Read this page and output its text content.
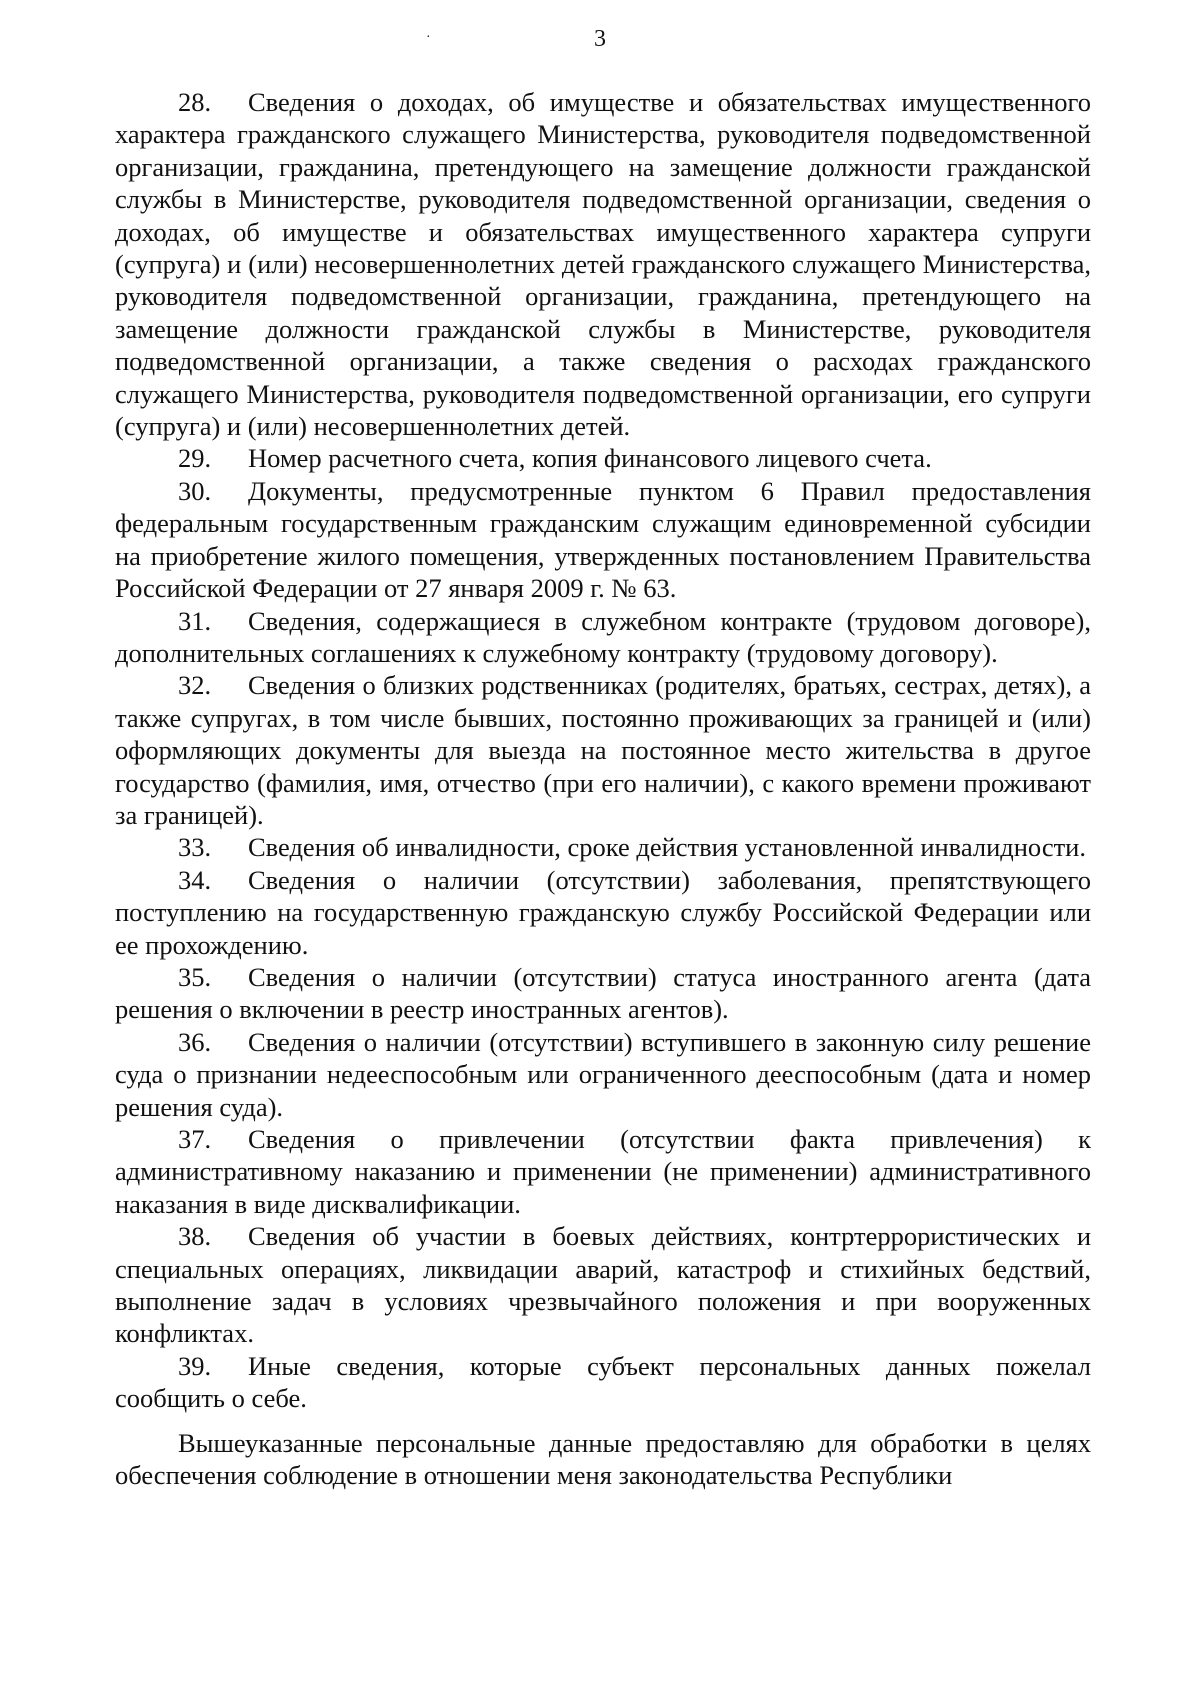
3
·

28. Сведения о доходах, об имуществе и обязательствах имущественного характера гражданского служащего Министерства, руководителя подведомственной организации, гражданина, претендующего на замещение должности гражданской службы в Министерстве, руководителя подведомственной организации, сведения о доходах, об имуществе и обязательствах имущественного характера супруги (супруга) и (или) несовершеннолетних детей гражданского служащего Министерства, руководителя подведомственной организации, гражданина, претендующего на замещение должности гражданской службы в Министерстве, руководителя подведомственной организации, а также сведения о расходах гражданского служащего Министерства, руководителя подведомственной организации, его супруги (супруга) и (или) несовершеннолетних детей.

29. Номер расчетного счета, копия финансового лицевого счета.

30. Документы, предусмотренные пунктом 6 Правил предоставления федеральным государственным гражданским служащим единовременной субсидии на приобретение жилого помещения, утвержденных постановлением Правительства Российской Федерации от 27 января 2009 г. № 63.

31. Сведения, содержащиеся в служебном контракте (трудовом договоре), дополнительных соглашениях к служебному контракту (трудовому договору).

32. Сведения о близких родственниках (родителях, братьях, сестрах, детях), а также супругах, в том числе бывших, постоянно проживающих за границей и (или) оформляющих документы для выезда на постоянное место жительства в другое государство (фамилия, имя, отчество (при его наличии), с какого времени проживают за границей).

33. Сведения об инвалидности, сроке действия установленной инвалидности.

34. Сведения о наличии (отсутствии) заболевания, препятствующего поступлению на государственную гражданскую службу Российской Федерации или ее прохождению.

35. Сведения о наличии (отсутствии) статуса иностранного агента (дата решения о включении в реестр иностранных агентов).

36. Сведения о наличии (отсутствии) вступившего в законную силу решение суда о признании недееспособным или ограниченного дееспособным (дата и номер решения суда).

37. Сведения о привлечении (отсутствии факта привлечения) к административному наказанию и применении (не применении) административного наказания в виде дисквалификации.

38. Сведения об участии в боевых действиях, контртеррористических и специальных операциях, ликвидации аварий, катастроф и стихийных бедствий, выполнение задач в условиях чрезвычайного положения и при вооруженных конфликтах.

39. Иные сведения, которые субъект персональных данных пожелал сообщить о себе.

Вышеуказанные персональные данные предоставляю для обработки в целях обеспечения соблюдение в отношении меня законодательства Республики
